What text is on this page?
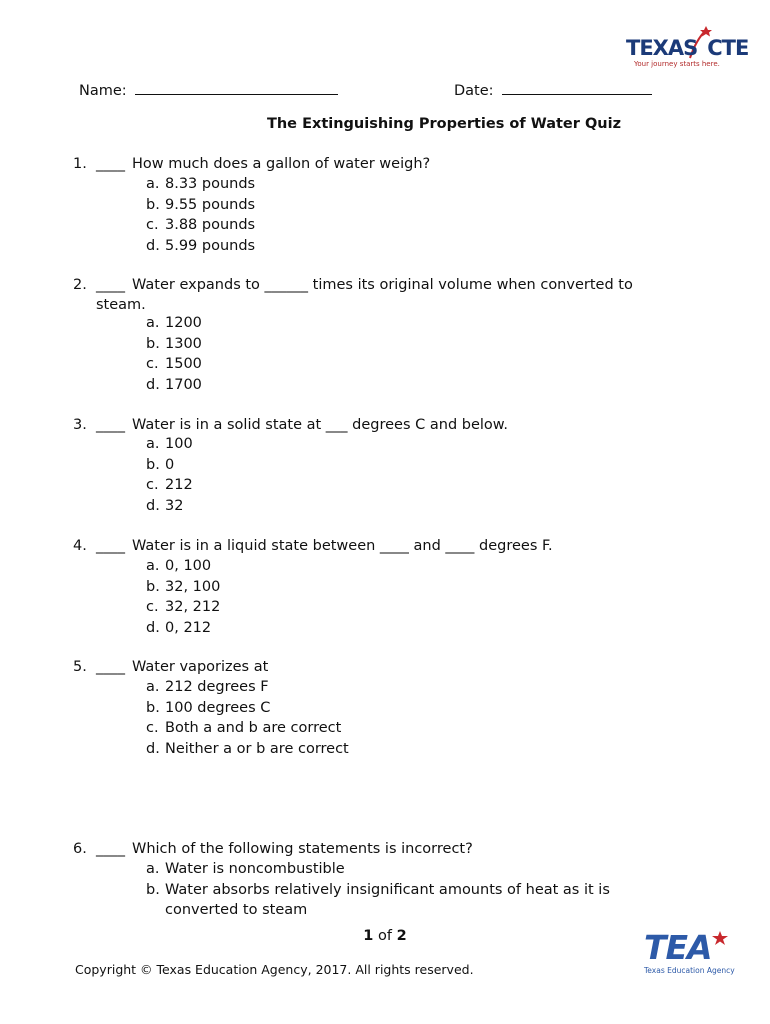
TEXAS CTE
Your journey starts here.
Name:	Date:
The Extinguishing Properties of Water Quiz
1. ____ How much does a gallon of water weigh?
a. 8.33 pounds
b. 9.55 pounds
c. 3.88 pounds
d. 5.99 pounds
2. ____ Water expands to ______ times its original volume when converted to
steam.
a. 1200
b. 1300
c. 1500
d. 1700
3. ____ Water is in a solid state at ___ degrees C and below.
a. 100
b. 0
c. 212
d. 32
4. ____ Water is in a liquid state between ____ and ____ degrees F.
a. 0, 100
b. 32, 100
c. 32, 212
d. 0, 212
5. ____ Water vaporizes at
a. 212 degrees F
b. 100 degrees C
c. Both a and b are correct
d. Neither a or b are correct
6. ____ Which of the following statements is incorrect?
a. Water is noncombustible
b. Water absorbs relatively insignificant amounts of heat as it is converted to steam
1 of 2
Copyright © Texas Education Agency, 2017. All rights reserved.
TEA
Texas Education Agency
